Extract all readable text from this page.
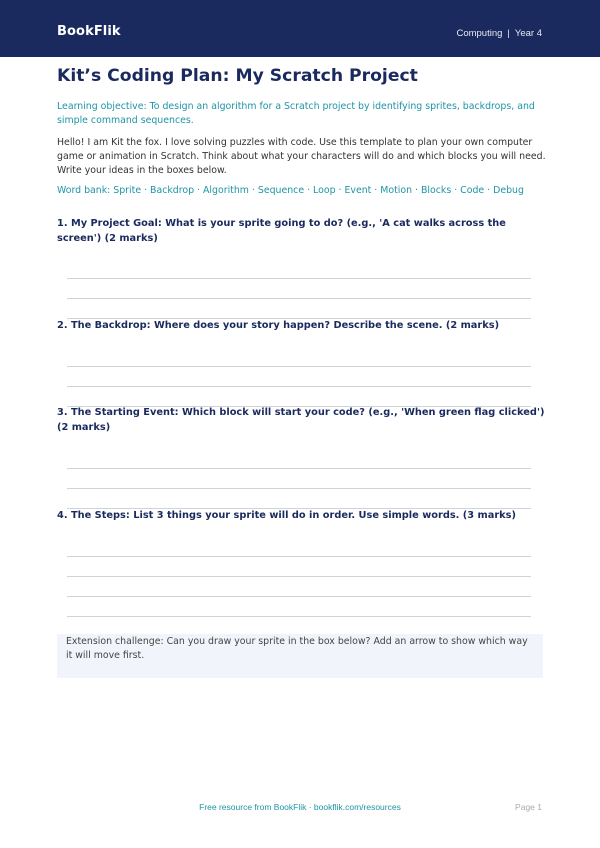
BookFlik	Computing | Year 4
Kit’s Coding Plan: My Scratch Project
Learning objective: To design an algorithm for a Scratch project by identifying sprites, backdrops, and simple command sequences.
Hello! I am Kit the fox. I love solving puzzles with code. Use this template to plan your own computer game or animation in Scratch. Think about what your characters will do and which blocks you will need. Write your ideas in the boxes below.
Word bank: Sprite · Backdrop · Algorithm · Sequence · Loop · Event · Motion · Blocks · Code · Debug
1. My Project Goal: What is your sprite going to do? (e.g., 'A cat walks across the screen') (2 marks)
2. The Backdrop: Where does your story happen? Describe the scene. (2 marks)
3. The Starting Event: Which block will start your code? (e.g., 'When green flag clicked') (2 marks)
4. The Steps: List 3 things your sprite will do in order. Use simple words. (3 marks)
Extension challenge: Can you draw your sprite in the box below? Add an arrow to show which way it will move first.
Free resource from BookFlik · bookflik.com/resources	Page 1
